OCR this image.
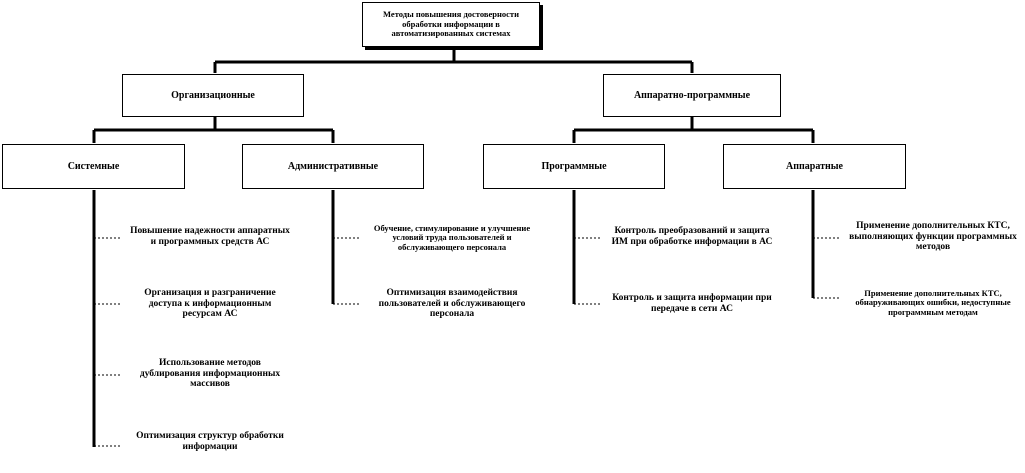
Методы повышения достоверности обработки информации в автоматизированных системах
Организационные	Аппаратно-программные
Системные	Административные	Программные	Аппаратные
Повышение надежности аппаратных и программных средств АС
Организация и разграничение доступа к информационным ресурсам АС
Использование методов дублирования информационных массивов
Оптимизация структур обработки информации
Обучение, стимулирование и улучшение условий труда пользователей и обслуживающего персонала
Оптимизация взаимодействия пользователей и обслуживающего персонала
Контроль преобразований и защита ИМ при обработке информации в АС
Контроль и защита информации при передаче в сети АС
Применение дополнительных КТС, выполняющих функции программных методов
Применение дополнительных КТС, обнаруживающих ошибки, недоступные программным методам
